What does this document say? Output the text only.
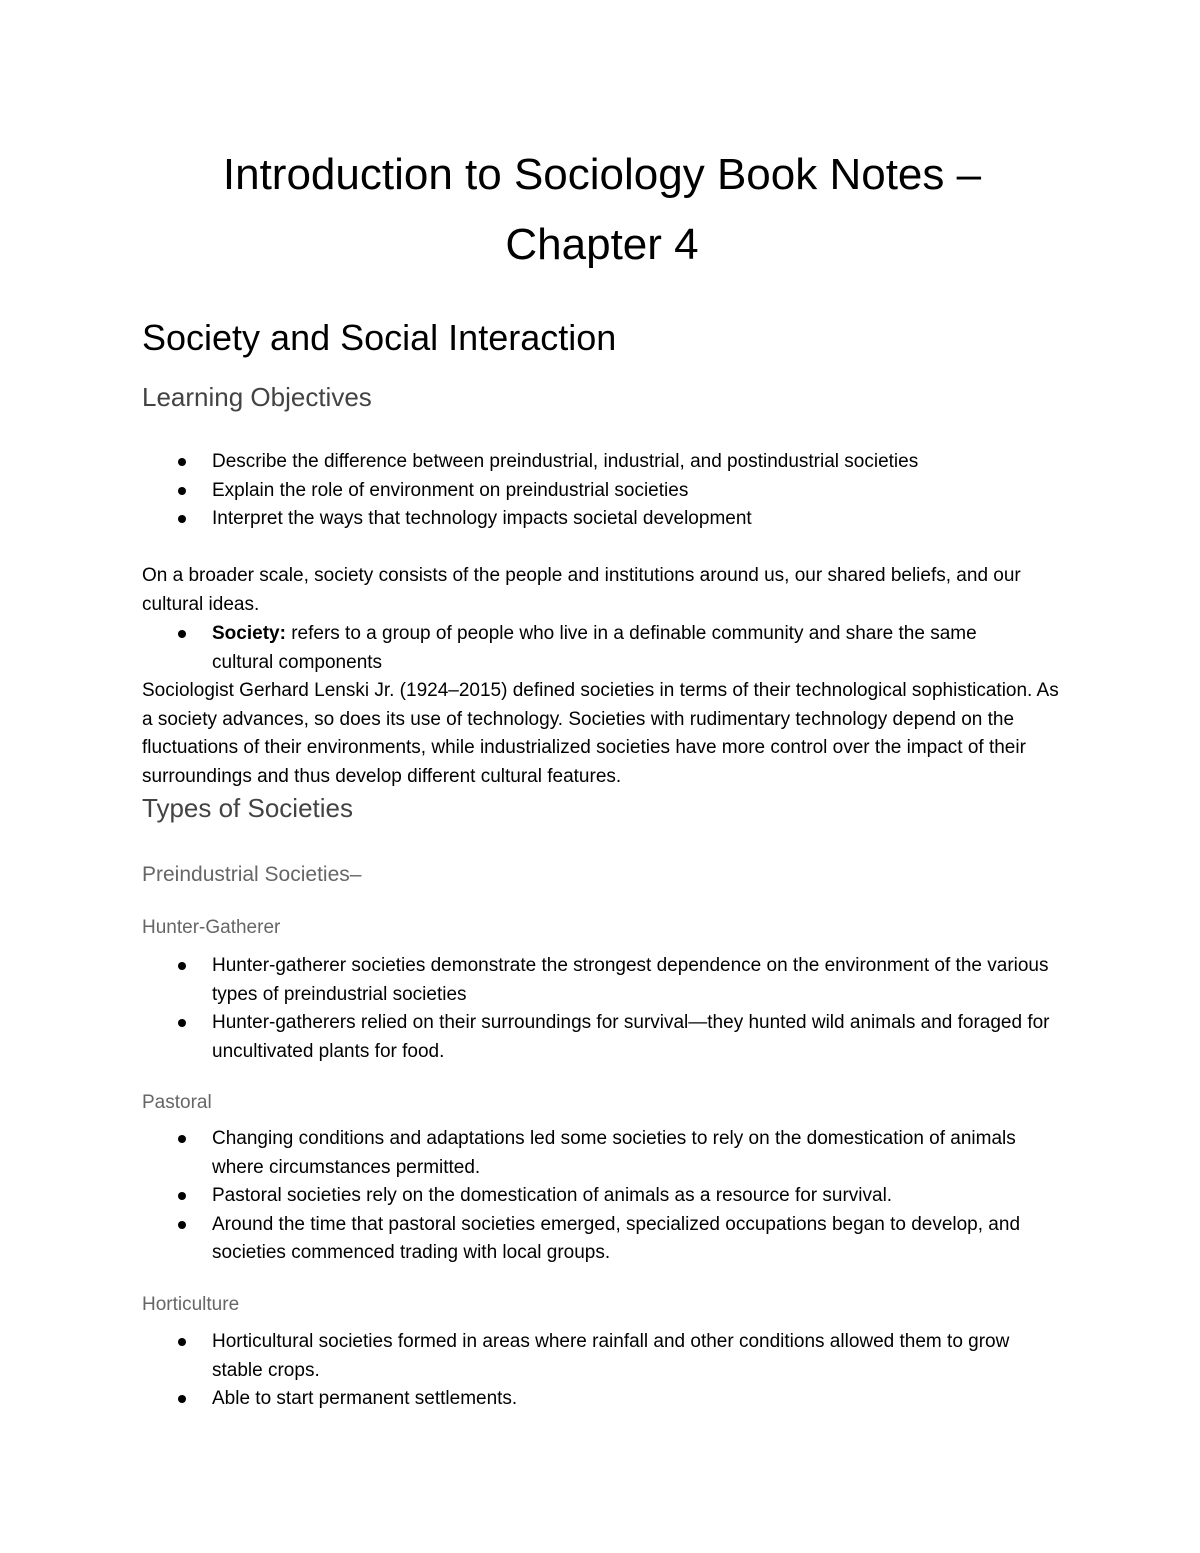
Introduction to Sociology Book Notes –
Chapter 4
Society and Social Interaction
Learning Objectives
Describe the difference between preindustrial, industrial, and postindustrial societies
Explain the role of environment on preindustrial societies
Interpret the ways that technology impacts societal development

On a broader scale, society consists of the people and institutions around us, our shared beliefs, and our cultural ideas.

Society: refers to a group of people who live in a definable community and share the same cultural components

Sociologist Gerhard Lenski Jr. (1924–2015) defined societies in terms of their technological sophistication. As a society advances, so does its use of technology. Societies with rudimentary technology depend on the fluctuations of their environments, while industrialized societies have more control over the impact of their surroundings and thus develop different cultural features.

Types of Societies
Preindustrial Societies–
Hunter-Gatherer
Hunter-gatherer societies demonstrate the strongest dependence on the environment of the various types of preindustrial societies
Hunter-gatherers relied on their surroundings for survival—they hunted wild animals and foraged for uncultivated plants for food.
Pastoral
Changing conditions and adaptations led some societies to rely on the domestication of animals where circumstances permitted.
Pastoral societies rely on the domestication of animals as a resource for survival.
Around the time that pastoral societies emerged, specialized occupations began to develop, and societies commenced trading with local groups.
Horticulture
Horticultural societies formed in areas where rainfall and other conditions allowed them to grow stable crops.
Able to start permanent settlements.
